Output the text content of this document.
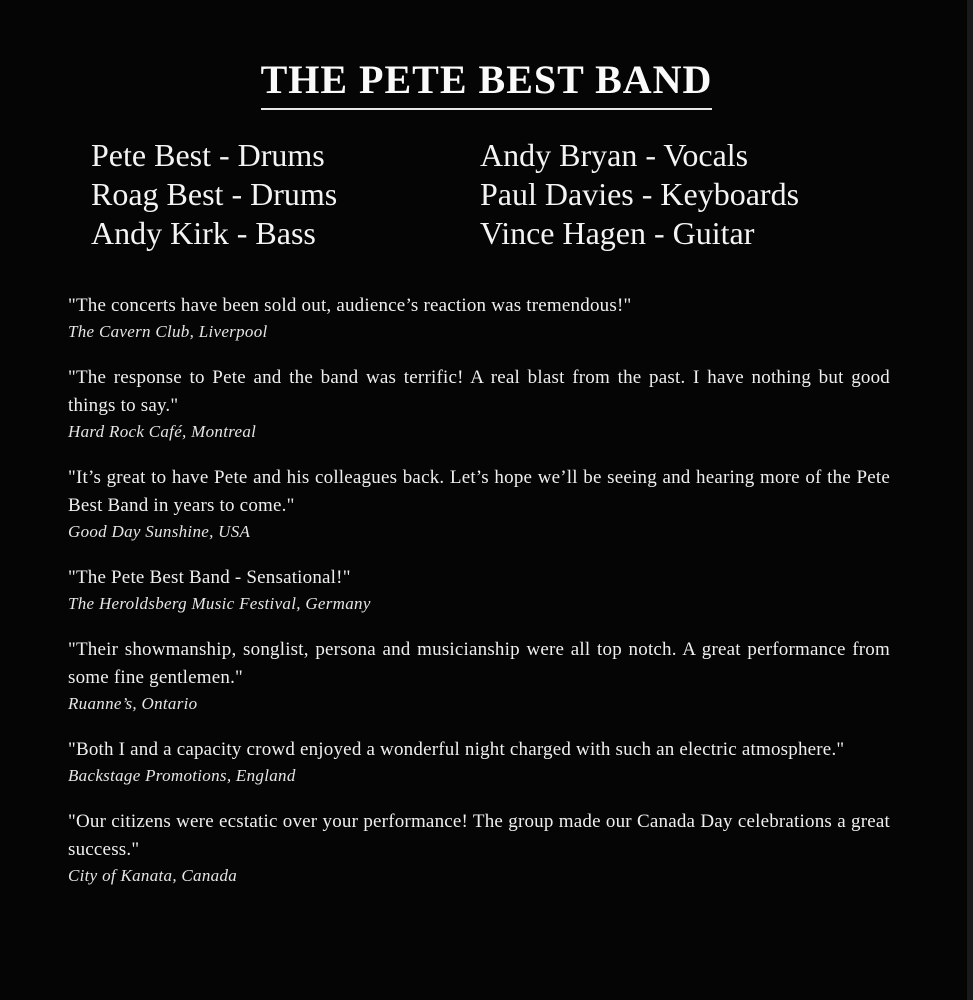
THE PETE BEST BAND
Pete Best - Drums
Roag Best - Drums
Andy Kirk - Bass
Andy Bryan - Vocals
Paul Davies - Keyboards
Vince Hagen - Guitar
"The concerts have been sold out, audience’s reaction was tremendous!"
The Cavern Club, Liverpool
"The response to Pete and the band was terrific! A real blast from the past. I have nothing but good things to say."
Hard Rock Café, Montreal
"It’s great to have Pete and his colleagues back. Let’s hope we’ll be seeing and hearing more of the Pete Best Band in years to come."
Good Day Sunshine, USA
"The Pete Best Band - Sensational!"
The Heroldsberg Music Festival, Germany
"Their showmanship, songlist, persona and musicianship were all top notch. A great performance from some fine gentlemen."
Ruanne’s, Ontario
"Both I and a capacity crowd enjoyed a wonderful night charged with such an electric atmosphere."
Backstage Promotions, England
"Our citizens were ecstatic over your performance! The group made our Canada Day celebrations a great success."
City of Kanata, Canada
